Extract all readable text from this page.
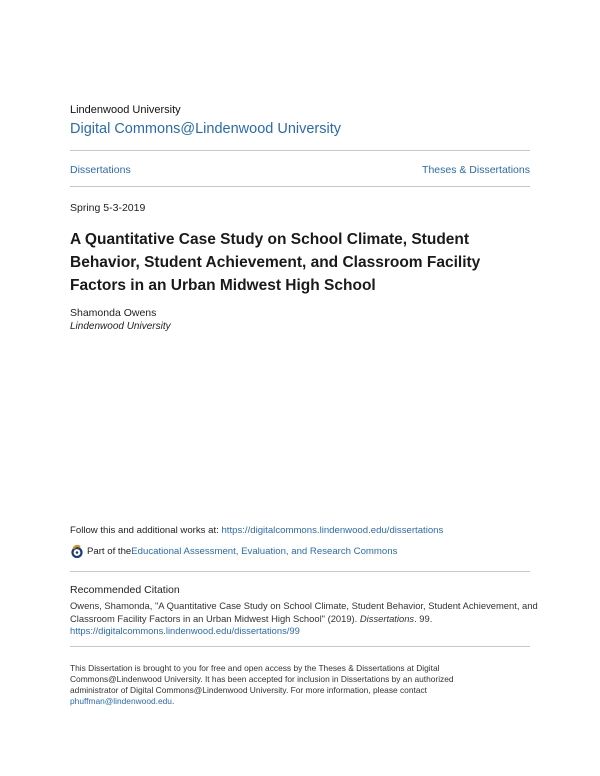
Lindenwood University
Digital Commons@Lindenwood University
Dissertations	Theses & Dissertations
Spring 5-3-2019
A Quantitative Case Study on School Climate, Student Behavior, Student Achievement, and Classroom Facility Factors in an Urban Midwest High School
Shamonda Owens
Lindenwood University
Follow this and additional works at: https://digitalcommons.lindenwood.edu/dissertations
Part of the Educational Assessment, Evaluation, and Research Commons
Recommended Citation
Owens, Shamonda, "A Quantitative Case Study on School Climate, Student Behavior, Student Achievement, and Classroom Facility Factors in an Urban Midwest High School" (2019). Dissertations. 99.
https://digitalcommons.lindenwood.edu/dissertations/99
This Dissertation is brought to you for free and open access by the Theses & Dissertations at Digital Commons@Lindenwood University. It has been accepted for inclusion in Dissertations by an authorized administrator of Digital Commons@Lindenwood University. For more information, please contact phuffman@lindenwood.edu.
